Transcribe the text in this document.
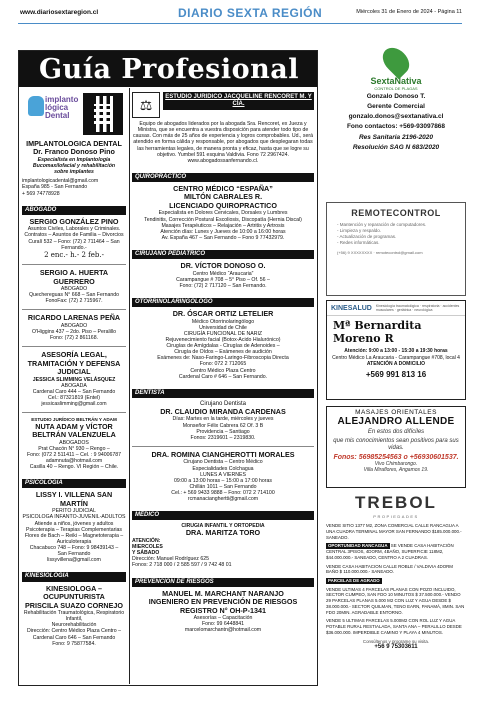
www.diariosextaregion.cl	DIARIO SEXTA REGIÓN	Miércoles 31 de Enero de 2024 - Página 11
Guía Profesional
implanto lógica Dental
IMPLANTOLOGICA DENTAL
Dr. Franco Donoso Pino
Especialista en Implantología
Bucomaxilofacial y rehabilitación
sobre implantes
implantologicadental@gmail.com
España 985 - San Fernando
+ 569 74778928
ABOGADO
SERGIO GONZÁLEZ PINO
Asuntos Civiles, Laborales y Criminales.
Contratos – Asuntos de Familia – Divorcios
Curalí 532 – Fono: (72) 2 711464 – San Fernando.-
2 enc.- h.- 2 feb.-
SERGIO A. HUERTA GUERRERO
ABOGADO
Quechereguas N° 668 – San Fernando
FonoFax: (72) 2 715967.
RICARDO LARENAS PEÑA
ABOGADO
O'Higgins 437 – 2do. Piso – Peralillo
Fono: (72) 2 861168.
ASESORÍA LEGAL, TRAMITACIÓN Y DEFENSA JUDICIAL
JESSICA SLIMMING VELÁSQUEZ
ABOGADA
Cardenal Caro 444 – San Fernando
Cel.: 87321819 (Entel)
jessicaslimming@gmail.com
ESTUDIO JURÍDICO BELTRÁN Y ADAM
NUTA ADAM y VÍCTOR BELTRÁN VALENZUELA
ABOGADOS
Prat Chacón N° 930 – Rengo –
Fono: (072 2 511411 – Cel. : 9 94006787
adamnuta@hotmail.com
Casilla 40 – Rengo. VI Región – Chile.
PSICOLOGIA
LISSY I. VILLENA SAN MARTÍN
PERITO JUDICIAL
PSICOLOGA INFANTO-JUVENIL-ADULTOS
Atiende a niños, jóvenes y adultos
Psicoterapia – Terapias Complementarias
Flores de Bach – Reiki – Magnetoterapia –
Auriculoterapia
Chacabuco 748 – Fono: 9 98439143 –
San Fernando
lissyvillena@gmail.com
KINESIOLOGIA
KINESIOLOGA – OCUPUNTURISTA
PRISCILA SUAZO CORNEJO
Rehabilitación Traumatológica, Respiratorio Infantil,
Neurorehabilitación
Dirección: Centro Médico Plaza Centro –
Cardenal Caro 646 – San Fernando
Fono: 9 75877584.
⚖	ESTUDIO JURIDICO JACQUELINE RENCORET M. Y CÍA.
Equipo de abogados liderados por la abogada Sra. Rencoret, ex Jueza y Ministra, que se encuentra a vuestra disposición para atender todo tipo de causas. Con más de 25 años de experiencia y logros comprobables. Ud., será atendido en forma cálida y responsable, por abogados que desplegaran todas las herramientas legales, de manera pronta y eficaz, hasta que se logre su objetivo. Yumbel 591 esquina Valdivia. Fono 72 2967424. www.abogadossanfernando.cl.
QUIROPRÁCTICO
CENTRO MÉDICO “ESPAÑA”
MILTÓN CABRALES R.
LICENCIADO QUIROPRACTICO
Especialista en Dolores Cervicales, Dorsales y Lumbres
Tendinitis, Corrección Postural Escoliosis, Discopatía (Hernia Discal)
Masajes Terapéuticos – Relajación – Artritis y Artrosis
Atención días: Lunes y Jueves de 10:00 a 16:00 horas
Av. España 467 – San Fernando – Fono 9 77432979.
CIRUJANO PEDIÁTRICO
DR. VÍCTOR DONOSO O.
Centro Médico “Araucaria”
Carampangue # 708 – 5° Piso – Of. 56 –
Fono: (72) 2 717120 – San Fernando.
OTORRINOLARINGÓLOGO
DR. ÓSCAR ORTIZ LETELIER
Médico Otorrinolaringólogo
Universidad de Chile
CIRUGÍA FUNCIONAL DE NARIZ
Rejuvenecimiento facial (Botox-Acido Hialurónico)
Cirugías de Amígdalas - Cirugías de Adenoides –
Cirugía de Oídos – Exámenes de audición
Exámenes de: Naso-Faringo-Laringo-Fibroscopia Directa
Fono: 072 2 712065
Centro Médico Plaza Centro
Cardenal Caro # 646 – San Fernando.
DENTISTA
Cirujano Dentista
DR. CLAUDIO MIRANDA CARDENAS
Días: Martes en la tarde, miércoles y jueves
Monseñor Félix Cabrera 62 Of. 3 B
Providencia – Santiago
Fonos: 2319601 – 2319830.
DRA. ROMINA CIANGHEROTTI MORALES
Cirujano Dentista – Centro Médico
Especialidades Colchagua
LUNES A VIERNES
09:00 a 13:00 horas – 15:00 a 17:00 horas
Chillán 1011 – San Fernando
Cel.: + 569 9433 9888 – Fono: 072 2 714100
rcmanacianghertti@gmail.com
MÉDICO
CIRUGIA INFANTIL Y ORTOPEDIA
DRA. MARITZA TORO
ATENCIÓN:
MIERCOLES
Y SÁBADO
Dirección: Manuel Rodríguez 625
Fonos: 2 718 000 / 2 585 597 / 9 742 48 01
PREVENCIÓN DE RIESGOS
MANUEL M. MARCHANT NARANJO
INGENIERO EN PREVENCIÓN DE RIESGOS
REGISTRO N° OH-P-1341
Asesorías – Capacitación
Fono: 99 6448841
marcelomarchantn@hotmail.com
SextaNativa
CONTROL DE PLAGAS
Gonzalo Donoso T.
Gerente Comercial
gonzalo.donos@sextanativa.cl
Fono contactos: +569-93097868
Res Sanitaria 2196-2020
Resolución SAG N 683/2020
REMOTECONTROL
- Mantención y reparación de computadores.
- Limpieza y respaldo.
- Actualización de programas.
- Redes informáticas.
(+56) 9 XXXXXXXX · remotecontrol@gmail.com
KINESALUD Kinesiología traumatológica · respiratoria · accidentes musculares · geriátrica · neurológica
Mª Bernardita Moreno R
Atención: 9:00 a 13:00 - 15:30 a 19:30 horas
Centro Médico La Araucaria - Carampangue #708, local 4
ATENCIÓN A DOMICILIO
+569 991 813 16
MASAJES ORIENTALES
ALEJANDRO ALLENDE
En estos dos difíciles
que mis conocimientos sean positivos para sus vidas.
Fonos: 56985254563 o +56930601537.
Vivo Chimbarongo.
Villa Miraflores, Angamos 19.
TREBOL
PROPIEDADES

VENDE SITIO 1377 M2, ZONA COMERCIAL CALLE RANCAGUA A UNA CUADRA TERMINAL MAYOR SAN FERNANDO $185.000.000.- SANEADO.

OPORTUNIDAD RANCAGUA SE VENDE CASA HABITACIÓN CENTRAL 3PISOS, 4DORM, 4BAÑO, SUPERFICIE 118M2, $44.000.000.- SANEADO, CENTRO A 2 CUADRAS.

VENDE CASA HABITACION CALLE ROBLE / VALDIVIA 4DORM BAÑO $ 110.000.000.- SANEADO.

PARCELAS DE AGRADO

VENDE ULTIMAS 4 PARCELAS PLANAS CON POZO INCLUIDO, SECTOR CUMPEO, SAN FDO 10 MINUTOS $ 37.500.000.- VENDO 29 PARCELAS PLANAS 5.000 M2 CON LUZ Y AGUA DESDE $ 38.000.000.- SECTOR QUILMAN, TENO EARN, PANAMÁ, 8MIN. SAN FDO 20MIN. AGRADABLE ENTORNO.

VENDE 5 ULTIMAS PARCELAS 5.000M2 CON ROL LUZ Y AGUA POTABLE RURAL RESTIALADA, SANTA ANA – PERALILLO DESDE $36.000.000. IMPERDIBLE CAMINO Y PLAYA 4 MINUTOS.

Consúltenos y programe su visita.
+56 9 75303611
